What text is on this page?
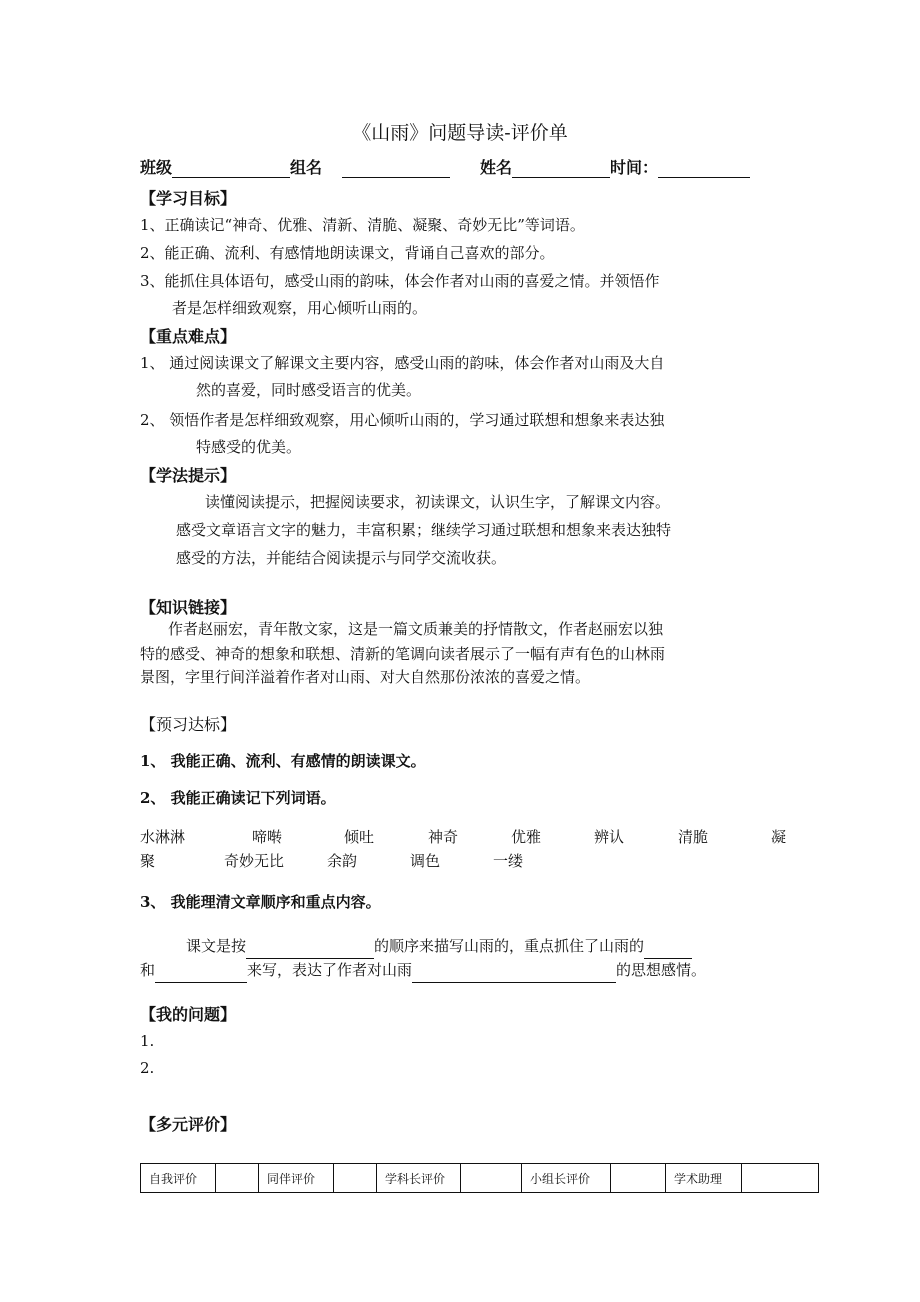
《山雨》问题导读-评价单
班级	组名	姓名	时间：
【学习目标】
1、正确读记“神奇、优雅、清新、清脆、凝聚、奇妙无比”等词语。
2、能正确、流利、有感情地朗读课文，背诵自己喜欢的部分。
3、能抓住具体语句，感受山雨的韵味，体会作者对山雨的喜爱之情。并领悟作
者是怎样细致观察，用心倾听山雨的。
【重点难点】
1、 通过阅读课文了解课文主要内容，感受山雨的韵味，体会作者对山雨及大自
然的喜爱，同时感受语言的优美。
2、 领悟作者是怎样细致观察，用心倾听山雨的，学习通过联想和想象来表达独
特感受的优美。
【学法提示】
读懂阅读提示，把握阅读要求，初读课文，认识生字，了解课文内容。
感受文章语言文字的魅力，丰富积累；继续学习通过联想和想象来表达独特
感受的方法，并能结合阅读提示与同学交流收获。
【知识链接】
作者赵丽宏，青年散文家，这是一篇文质兼美的抒情散文，作者赵丽宏以独
特的感受、神奇的想象和联想、清新的笔调向读者展示了一幅有声有色的山林雨
景图，字里行间洋溢着作者对山雨、对大自然那份浓浓的喜爱之情。
【预习达标】
1、 我能正确、流利、有感情的朗读课文。
2、 我能正确读记下列词语。
水淋淋	啼啭	倾吐	神奇	优雅	辨认	清脆	凝
聚	奇妙无比	余韵	调色	一缕
3、 我能理清文章顺序和重点内容。
课文是按	的顺序来描写山雨的，重点抓住了山雨的
和	来写，表达了作者对山雨	的思想感情。
【我的问题】
1.
2.
【多元评价】
自我评价		同伴评价		学科长评价		小组长评价		学术助理	
